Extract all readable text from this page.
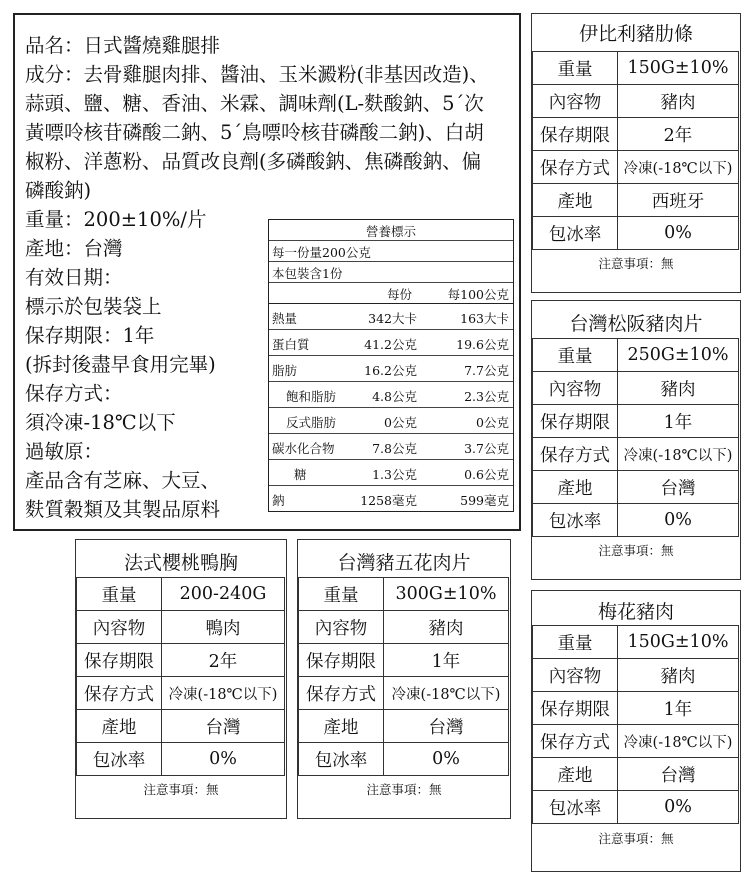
品名：日式醬燒雞腿排
成分：去骨雞腿肉排、醬油、玉米澱粉(非基因改造)、
蒜頭、鹽、糖、香油、米霖、調味劑(L-麩酸鈉、5´次
黃嘌呤核苷磷酸二鈉、5´鳥嘌呤核苷磷酸二鈉)、白胡
椒粉、洋蔥粉、品質改良劑(多磷酸鈉、焦磷酸鈉、偏
磷酸鈉)
重量：200±10%/片
產地：台灣
有效日期：
標示於包裝袋上
保存期限：1年
(拆封後盡早食用完畢)
保存方式：
須冷凍-18℃以下
過敏原：
產品含有芝麻、大豆、
麩質穀類及其製品原料
營養標示
每一份量200公克
本包裝含1份
每份	每100公克
熱量	342大卡	163大卡
蛋白質	41.2公克	19.6公克
脂肪	16.2公克	7.7公克
飽和脂肪	4.8公克	2.3公克
反式脂肪	0公克	0公克
碳水化合物	7.8公克	3.7公克
糖	1.3公克	0.6公克
鈉	1258毫克	599毫克
伊比利豬肋條
重量	150G±10%
內容物	豬肉
保存期限	2年
保存方式	冷凍(-18℃以下)
產地	西班牙
包冰率	0%
注意事項：無
台灣松阪豬肉片
重量	250G±10%
內容物	豬肉
保存期限	1年
保存方式	冷凍(-18℃以下)
產地	台灣
包冰率	0%
注意事項：無
梅花豬肉
重量	150G±10%
內容物	豬肉
保存期限	1年
保存方式	冷凍(-18℃以下)
產地	台灣
包冰率	0%
注意事項：無
法式櫻桃鴨胸
重量	200-240G
內容物	鴨肉
保存期限	2年
保存方式	冷凍(-18℃以下)
產地	台灣
包冰率	0%
注意事項：無
台灣豬五花肉片
重量	300G±10%
內容物	豬肉
保存期限	1年
保存方式	冷凍(-18℃以下)
產地	台灣
包冰率	0%
注意事項：無
